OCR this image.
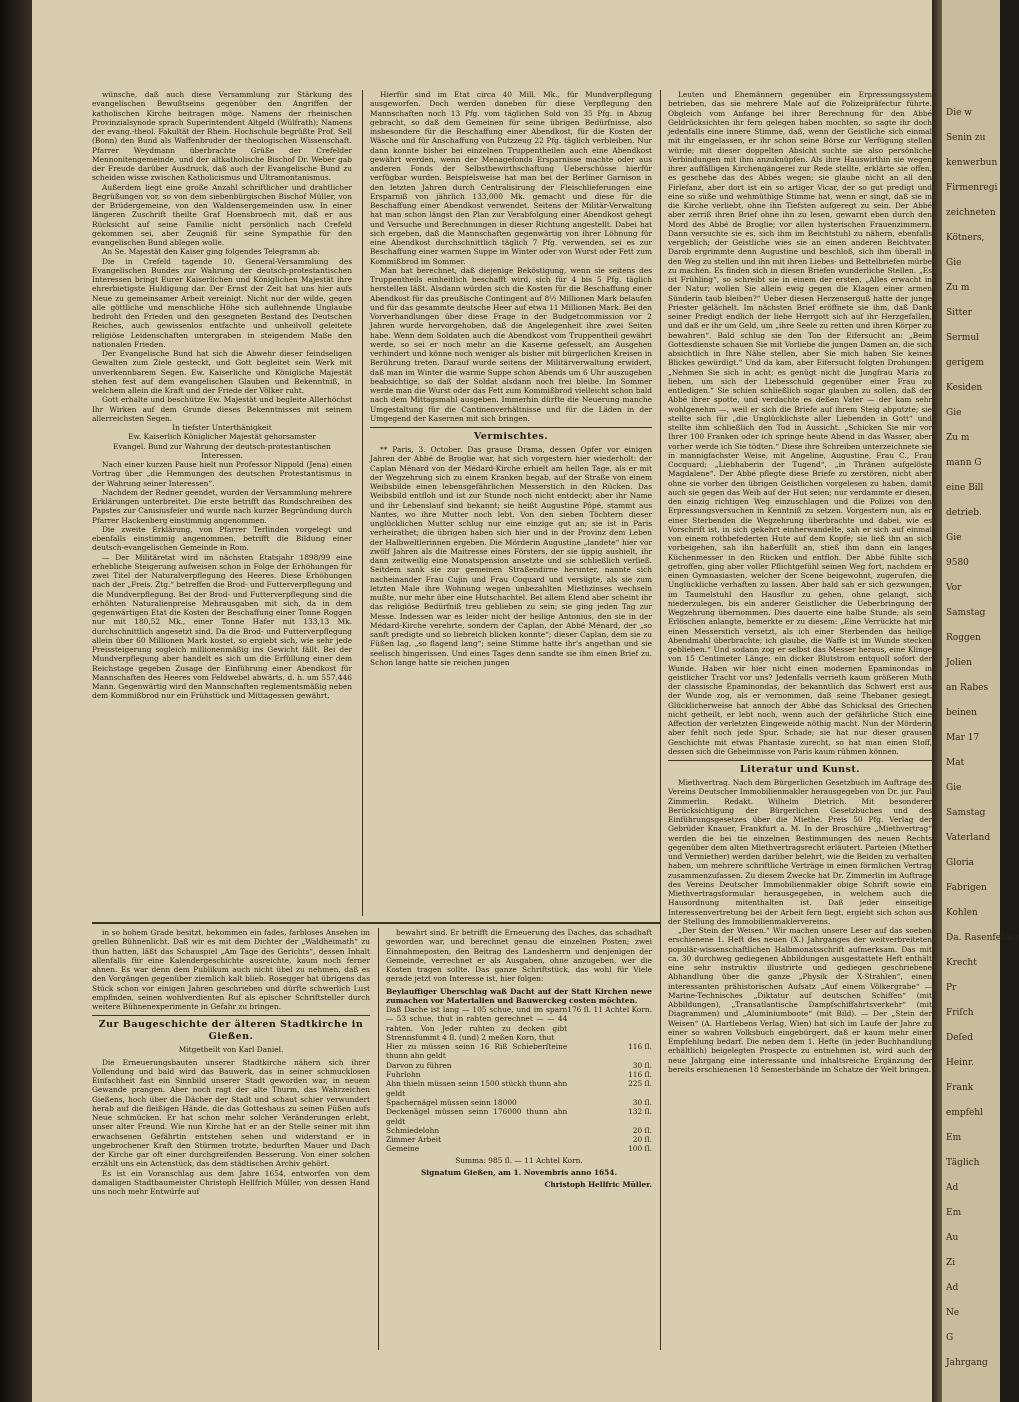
wünsche, daß auch diese Versammlung zur Stärkung des evangelischen Bewußtseins gegenüber den Angriffen der katholischen Kirche beitragen möge. Namens der rheinischen Provinzialsynode sprach Superintendent Altgeld (Wülfrath); Namens der evang.-theol. Fakultät der Rhein. Hochschule begrüßte Prof. Sell (Bonn) den Bund als Waffenbruder der theologischen Wissenschaft. Pfarrer Weydmann überbrachte Grüße der Crefelder Mennonitengemeinde, und der altkatholische Bischof Dr. Weber gab der Freude darüber Ausdruck, daß auch der Evangelische Bund zu scheiden wisse zwischen Katholicismus und Ultramontanismus.

Außerdem liegt eine große Anzahl schriftlicher und drahtlicher Begrüßungen vor, so von dem siebenbürgischen Bischof Müller, von der Brüdergemeine, von den Waldensergemeinden usw. In einer längeren Zuschrift theilte Graf Hoensbroech mit, daß er aus Rücksicht auf seine Familie nicht persönlich nach Crefeld gekommen sei, aber Zeugniß für seine Sympathie für den evangelischen Bund ablegen wolle.

An Se. Majestät den Kaiser ging folgendes Telegramm ab:

Die in Crefeld tagende 10. General-Versammlung des Evangelischen Bundes zur Wahrung der deutsch-protestantischen Interessen bringt Eurer Kaiserlichen und Königlichen Majestät ihre ehrerbietigste Huldigung dar. Der Ernst der Zeit hat uns hier aufs Neue zu gemeinsamer Arbeit vereinigt. Nicht nur der wilde, gegen alle göttliche und menschliche Höhe sich auflehnende Unglaube bedroht den Frieden und den gesegneten Bestand des Deutschen Reiches, auch gewissenlos entfachte und unheilvoll geleitete religiöse Leidenschaften untergraben in steigendem Maße den nationalen Frieden.

Der Evangelische Bund hat sich die Abwehr dieser feindseligen Gewalten zum Ziele gesteckt, und Gott begleitet sein Werk mit unverkennbarem Segen. Ew. Kaiserliche und Königliche Majestät stehen fest auf dem evangelischen Glauben und Bekenntniß, in welchem allein die Kraft und der Friede der Völker ruht.

Gott erhalte und beschütze Ew. Majestät und begleite Allerhöchst Ihr Wirken auf dem Grunde dieses Bekenntnisses mit seinem allerreichsten Segen.

In tiefster Unterthänigkeit

Ew. Kaiserlich Königlicher Majestät gehorsamster

Evangel. Bund zur Wahrung der deutsch-protestantischen Interessen.

Nach einer kurzen Pause hielt nun Professor Nippold (Jena) einen Vortrag über „die Hemmungen des deutschen Protestantismus in der Wahrung seiner Interessen“.

Nachdem der Redner geendet, wurden der Versammlung mehrere Erklärungen unterbreitet. Die erste betrifft das Rundschreiben des Papstes zur Canisiusfeier und wurde nach kurzer Begründung durch Pfarrer Hackenberg einstimmig angenommen.

Die zweite Erklärung, von Pfarrer Terlinden vorgelegt und ebenfalls einstimmig angenommen, betrifft die Bildung einer deutsch-evangelischen Gemeinde in Rom.

— Der Militäretat wird im nächsten Etatsjahr 1898/99 eine erhebliche Steigerung aufweisen schon in Folge der Erhöhungen für zwei Titel der Naturalverpflegung des Heeres. Diese Erhöhungen nach der „Freis. Ztg.“ betreffen die Brod- und Futterverpflegung und die Mundverpflegung. Bei der Brod- und Futterverpflegung sind die erhöhten Naturalienpreise Mehrausgaben mit sich, da in dem gegenwärtigen Etat die Kosten der Beschaffung einer Tonne Roggen nur mit 180,52 Mk., einer Tonne Hafer mit 133,13 Mk. durchschnittlich angesetzt sind. Da die Brod- und Futterverpflegung allein über 60 Millionen Mark kostet, so ergiebt sich, wie sehr jede Preissteigerung sogleich millionenmäßig ins Gewicht fällt. Bei der Mundverpflegung aber handelt es sich um die Erfüllung einer dem Reichstage gegeben Zusage der Einführung einer Abendkost für Mannschaften des Heeres vom Feldwebel abwärts, d. h. um 557,446 Mann. Gegenwärtig wird den Mannschaften reglementsmäßig neben dem Kommißbrod nur ein Frühstück und Mittagessen gewährt.

Hierfür sind im Etat circa 40 Mill. Mk., für Mundverpflegung ausgeworfen. Doch werden daneben für diese Verpflegung den Mannschaften noch 13 Pfg. vom täglichen Sold von 35 Pfg. in Abzug gebracht, so daß dem Gemeinen für seine übrigen Bedürfnisse, also insbesondere für die Beschaffung einer Abendkost, für die Kosten der Wäsche und für Anschaffung von Putzzeug 22 Pfg. täglich verbleiben. Nur dann konnte bisher bei einzelnen Truppentheilen auch eine Abendkost gewährt werden, wenn der Menagefonds Ersparnisse machte oder aus anderen Fonds der Selbstbewirthschaftung Ueberschüsse hierfür verfügbar wurden. Beispielsweise hat man bei der Berliner Garnison in den letzten Jahren durch Centralisirung der Fleischlieferungen eine Ersparniß von jährlich 133,000 Mk. gemacht und diese für die Beschaffung einer Abendkost verwendet. Seitens der Militär-Verwaltung hat man schon längst den Plan zur Verabfolgung einer Abendkost gehegt und Versuche und Berechnungen in dieser Richtung angestellt. Dabei hat sich ergeben, daß die Mannschaften gegenwärtig von ihrer Löhnung für eine Abendkost durchschnittlich täglich 7 Pfg. verwenden, sei es zur Beschaffung einer warmen Suppe im Winter oder von Wurst oder Fett zum Kommißbrod im Sommer.

Man hat berechnet, daß diejenige Beköstigung, wenn sie seitens des Truppentheils einheitlich beschafft wird, sich für 4 bis 5 Pfg. täglich herstellen läßt. Alsdann würden sich die Kosten für die Beschaffung einer Abendkost für das preußische Contingent auf 8½ Millionen Mark belaufen und für das gesammte deutsche Heer auf etwa 11 Millionen Mark. Bei den Vorverhandlungen über diese Frage in der Budgetcommission vor 2 Jahren wurde hervorgehoben, daß die Angelegenheit ihre zwei Seiten habe. Wenn dem Soldaten auch die Abendkost vom Truppentheil gewährt werde, so sei er noch mehr an die Kaserne gefesselt, am Ausgehen verhindert und könne noch weniger als bisher mit bürgerlichen Kreisen in Berührung treten. Darauf wurde seitens der Militärverwaltung erwidert, daß man im Winter die warme Suppe schon Abends um 6 Uhr auszugeben beabsichtige, so daß der Soldat alsdann noch frei bleibe. Im Sommer werde man die Wurst oder das Fett zum Kommißbrod vielleicht schon bald nach dem Mittagsmahl ausgeben. Immerhin dürfte die Neuerung manche Umgestaltung für die Cantinenverhältnisse und für die Läden in der Umgegend der Kasernen mit sich bringen.

Vermischtes.

** Paris, 3. October. Das grause Drama, dessen Opfer vor einigen Jahren der Abbé de Broglie war, hat sich vorgestern hier wiederholt: der Caplan Ménard von der Médard-Kirche erhielt am hellen Tage, als er mit der Wegzehrung sich zu einem Kranken begab, auf der Straße von einem Weibsbilde einen lebensgefährlichen Messerstich in den Rücken. Das Weibsbild entfloh und ist zur Stunde noch nicht entdeckt; aber ihr Name und ihr Lebenslauf sind bekannt; sie heißt Augustine Pôpé, stammt aus Nantes, wo ihre Mutter noch lebt. Von den sieben Töchtern dieser unglücklichen Mutter schlug nur eine einzige gut an; sie ist in Paris verheirathet; die übrigen haben sich hier und in der Provinz dem Leben der Halbweltlerinnen ergeben. Die Mörderin Augustine „landete“ hier vor zwölf Jahren als die Maitresse eines Försters, der sie üppig aushielt, ihr dann zeitweilig eine Monatspension ansetzte und sie schließlich verließ. Seitdem sank sie zur gemeinen Straßendirne herunter, nannte sich nacheinander Frau Cujin und Frau Coquard und versügte, als sie zum letzten Male ihre Wohnung wegen unbezahlten Miethzinses wechseln mußte, nur mehr über eine Hutschachtel. Bei allem Elend aber scheint ihr das religiöse Bedürfniß treu geblieben zu sein; sie ging jeden Tag zur Messe. Indessen war es leider nicht der heilige Antonius, den sie in der Médard-Kirche verehrte, sondern der Caplan, der Abbé Ménard, der „so sanft predigte und so liebreich blicken konnte“; dieser Caplan, dem sie zu Füßen lag, „so flagend lang“; seine Stimme hatte ihr's angethan und sie seelisch hingerissen. Und eines Tages denn sandte sie ihm einen Brief zu. Schon lange hatte sie reichen jungen

Leuten und Ehemännern gegenüber ein Erpressungssystem betrieben, das sie mehrere Male auf die Polizeipräfectur führte. Obgleich vom Anfange bei ihrer Berechnung für den Abbé Geldrücksichten ihr fern gelegen haben mochten, so sagte ihr doch jedenfalls eine innere Stimme, daß, wenn der Geistliche sich einmal mit ihr eingelassen, er ihr schon seine Börse zur Verfügung stellen würde; mit dieser doppelten Absicht suchte sie also persönliche Verbindungen mit ihm anzuknüpfen. Als ihre Hauswirthin sie wegen ihrer auffälligen Kirchengängerei zur Rede stellte, erklärte sie offen, es geschehe das des Abbés wegen; sie glaube nicht an all den Firlefanz, aber dort ist ein so artiger Vicar, der so gut predigt und eine so süße und wehmüthige Stimme hat, wenn er singt, daß sie in die Kirche verliebt, ohne ihn Tiefsten aufgeregt zu sein. Der Abbé aber zerriß ihren Brief ohne ihn zu lesen, gewarnt eben durch den Mord des Abbé de Broglie; vor allen hysterischen Frauenzimmern. Dann versuchte sie es, sich ihm im Beichtstuhl zu nähern, ebenfalls vergeblich; der Geistliche wies sie an einen anderen Beichtvater. Darob ergrimmte denn Augustine und beschloß, sich ihm überall in den Weg zu stellen und ihn mit ihren Liebes- und Bettelbriefen mürbe zu machen. Es finden sich in diesen Briefen wunderliche Stellen. „Es ist Frühling“, so schreibt sie in einem der ersten, „Alles erwacht in der Natur; wollen Sie allein ewig gegen die Klagen einer armen Sünderin taub bleiben?“ Ueber diesen Herzenserguß hatte der junge Priester gelächelt. Im nächsten Brief eröffnete sie ihm, daß Dank seiner Predigt endlich der liebe Herrgott sich auf ihr Herzgefallen, und daß er ihr um Geld, um „ihre Seele zu retten und ihren Körper zu bewahren“. Bald schlug sie den Ton der Eifersucht an: „Beim Gottesdienste schauen Sie mit Vorliebe die jungen Damen an, die sich absichtlich in Ihre Nähe stellen, aber Sie mich haben Sie keines Blickes gewürdigt.“ Und da kam, aber Eifersucht folgten Drohungen: „Nehmen Sie sich in acht; es genügt nicht die Jungfrau Maria zu lieben, um sich der Liebesschuld gegenüber einer Frau zu entledigen.“ Sie schien schließlich sogar glauben zu sollen, daß der Abbé ihrer spotte, und verdachte es deßen Vater — der kam sehr wohlgenehm —, weil er sich die Briefe auf ihrem Steig abputzte; sie stellte sich für „die Unglücklichste aller Liebenden in Gott“ und stellte ihm schließlich den Tod in Aussicht. „Schicken Sie mir vor Ihrer 100 Franken oder ich springe heute Abend in das Wasser, aber vorher werde ich Sie tödten.“ Diese ihre Schreiben unterzeichnete sie in mannigfachster Weise, mit Angeline, Augustine, Frau C., Frau Cocquard; „Liebhaberin der Tugend“, „in Thränen aufgelöste Magdalene“. Der Abbé pflegte diese Briefe zu zerstören, nicht aber ohne sie vorher den übrigen Geistlichen vorgelesen zu haben, damit auch sie gegen das Weib auf der Hut seien; nur verdammte er diesen, den einzig richtigen Weg einzuschlagen und die Polizei von den Erpressungsversuchen in Kenntniß zu setzen. Vorgestern nun, als er einer Sterbenden die Wegzehrung überbrachte und dabei, wie es Vorschrift ist, in sich gekehrt einherwandelte, sah er sich auf einmal von einem rothbefederten Hute auf dem Kopfe; sie ließ ihn an sich vorbeigehen, sah ihn haßerfüllt an, stieß ihm dann ein langes Küchenmesser in den Rücken und entfloh. Der Abbé fühlte sich getroffen, ging aber voller Pflichtgefühl seinen Weg fort, nachdem er einen Gymnasiasten, welcher der Scene beigewohnt, zugerufen, die Unglückliche verhaften zu lassen. Aber bald sah er sich gezwungen, im Taumelstuhl den Hausflur zu gehen, ohne gelangt, sich niederzulegen, bis ein anderer Geistlicher die Ueberbringung der Wegzehrung übernommen. Dies dauerte eine halbe Stunde; als sein Erlöschen anlangte, bemerkte er zu diesem: „Eine Verrückte hat mir einen Messerstich versetzt, als ich einer Sterbenden das heilige Abendmahl überbrachte; ich glaube, die Waffe ist im Wunde stecken geblieben.“ Und sodann zog er selbst das Messer heraus, eine Klinge von 15 Centimeter Länge; ein dicker Blutstrom entquoll sofort der Wunde. Haben wir hier nicht einen modernen Epaminondas in geistlicher Tracht vor uns? Jedenfalls verrieth kaum größeren Muth der classische Epaminondas, der bekanntlich das Schwert erst aus der Wunde zog, als er vernommen, daß seine Thebaner gesiegt. Glücklicherweise hat annoch der Abbé das Schicksal des Griechen nicht getheilt, er lebt noch, wenn auch der gefährliche Stich eine Affection der verletzten Eingeweide nöthig macht. Nun der Mörderin aber fehlt noch jede Spur. Schade; sie hat nur dieser grausen Geschichte mit etwas Phantasie zurecht, so hat man einen Stoff, dessen sich die Geheimnisse von Paris kaum rühmen können.

Literatur und Kunst.

Miethvertrag. Nach dem Bürgerlichen Gesetzbuch im Auftrage des Vereins Deutscher Immobilienmakler herausgegeben von Dr. jur. Paul Zimmerlin. Redakt. Wilhelm Dietrich. Mit besonderer Berücksichtigung der Bürgerlichen Gesetzbuches und des Einführungsgesetzes über die Miethe. Preis 50 Pfg. Verlag der Gebrüder Knauer, Frankfurt a. M. In der Broschüre „Miethvertrag“ werden die bei tie einzelnen Bestimmungen des neuen Rechts gegenüber dem alten Miethvertragsrecht erläutert. Parteien (Miether und Vermiether) werden darüber belehrt, wie die Beiden zu verhalten haben, um mehrere schriftliche Verträge in einen förmlichen Vertrag zusammenzufassen. Zu diesem Zwecke hat Dr. Zimmerlin im Auftrage des Vereins Deutscher Immobilienmakler obige Schrift sowie ein Miethvertragsformular herausgegeben, in welchem auch die Hausordnung mitenthalten ist. Daß jeder einseitige Interessenvertretung bei der Arbeit fern liegt, ergiebt sich schon aus der Stellung des Immobilienmaklervereins.

„Der Stein der Weisen.“ Wir machen unsere Leser auf das soeben erschienene 1. Heft des neuen (X.) Jahrganges der weitverbreiteten populär-wissenschaftlichen Halbmonatsschrift aufmerksam. Das mit ca. 30 durchweg gediegenen Abbildungen ausgestattete Heft enthält eine sehr instruktiv illustrirte und gediegen geschriebene Abhandlung über die ganze „Physik der X-Strahlen“, einen interessanten prähistorischen Aufsatz „Auf einem Völkergrabe“ — Marine-Technisches „Diktatur auf deutschen Schiffen“ (mit Abbildungen), „Transatlantische Dampfschiffahrtsverkehr“ (mit Diagrammen) und „Aluminiumboote“ (mit Bild). — Der „Stein der Weisen“ (A. Hartlebens Verlag, Wien) hat sich im Laufe der Jahre zu einer so wahren Volksbuch eingebürgert, daß er kaum mehr einer Empfehlung bedarf. Die neben dem 1. Hefte (in jeder Buchhandlung erhältlich) beigelegten Prospecte zu entnehmen ist, wird auch der neue Jahrgang eine interessante und inhaltsreiche Ergänzung der bereits erschienenen 18 Semesterbände im Schatze der Welt bringen.

in so hohem Grade besitzt, bekommen ein fades, farbloses Ansehen im grellen Bühnenlicht. Daß wir es mit dem Dichter der „Waldheimath“ zu thun hatten, läßt das Schauspiel „Am Tage des Gerichts“, dessen Inhalt allenfalls für eine Kalendergeschichte ausreichte, kaum noch ferner ahnen. Es war denn dem Publikum auch nicht übel zu nehmen, daß es den Vorgängen gegenüber ziemlich kalt blieb. Rosegger hat übrigens das Stück schon vor einigen Jahren geschrieben und dürfte schwerlich Lust empfinden, seinen wohlverdienten Ruf als epischer Schriftsteller durch weitere Bühnenexperimente in Gefahr zu bringen.

Zur Baugeschichte der älteren Stadtkirche in Gießen.
Mitgetheilt von Karl Daniel.

Die Erneuerungsbauten unserer Stadtkirche nähern sich ihrer Vollendung und bald wird das Bauwerk, das in seiner schmucklosen Einfachheit fast ein Sinnbild unserer Stadt geworden war, in neuem Gewande prangen. Aber noch ragt der alte Thurm, das Wahrzeichen Gießens, hoch über die Dächer der Stadt und schaut schier verwundert herab auf die fleißigen Hände, die das Gotteshaus zu seinen Füßen aufs Neue schmücken. Er hat schon mehr solcher Veränderungen erlebt, unser alter Freund. Wie nun Kirche hat er an der Stelle seiner mit ihm erwachsenen Gefährtin entstehen sehen und widerstand er in ungebrochener Kraft den Stürmen trotzte, bedurften Mauer und Dach der Kirche gar oft einer durchgreifenden Besserung. Von einer solchen erzählt uns ein Actenstück, das dem städtischen Archiv gehört.

Es ist ein Voranschlag aus dem Jahre 1654, entworfen von dem damaligen Stadtbaumeister Christoph Hellfrich Müller, von dessen Hand uns noch mehr Entwürfe auf

bewahrt sind. Er betrifft die Erneuerung des Daches, das schadhaft geworden war, und berechnet genau die einzelnen Posten; zwei Einnahmeposten, den Beitrag des Landesherrn und denjenigen der Gemeinde, verrechnet er als Ausgaben, ohne anzugeben, wer die Kosten tragen sollte. Das ganze Schriftstück, das wohl für Viele gerade jetzt von Interesse ist, hier folgen:

Beylauffiger Uberschlag waß Dacht auf der Statt Kirchen newe zumachen vor Materialien und Bauwerckeg costen möchten.

Daß Dache ist lang — 105 schue, und im sparn — 53 schue, thut in rahten gerechnet — — 44 rahten. Von Jeder ruhten zu decken gibt Strennsfummt 4 ſl. (und) 2 meßen Korn, thut	176 ſl. 11 Achtel Korn.
Hier zu müssen seinn 16 Riß Schieberſteine thunn ahn geldt	116 ſl.
Darvon zu führen	30 ſl.
Fuhrlohn	116 ſl.
Ahn thieln müssen seinn 1500 stückh thunn ahn geldt	225 ſl.
Spachernägel müssen seinn 18000	30 ſl.
Deckenägel müssen seinn 176000 thunn ahn geldt	132 ſl.
Schmiedelohn	20 ſl.
Zimmer Arbeit	20 ſl.
Gemeine	100 ſl.

Summa: 985 ſl. — 11 Achtel Korn.

Signatum Gießen, am 1. Novembris anno 1654.
Christoph Hellfric Müller.
Die w
Senin zu
kenwerbun
Firmenregi
zeichneten
Kötners,
Gie
Zu m
Sitter
Sermul
gerigem
Kesiden
Gie
Zu m
mann G
eine Bill
detrieb.
Gie
9580
Vor
Samstag
Roggen
Jolien
an Rabes
beinen
Mar 17
Mat
Gie
Samstag
Vaterland
Gloria
Fabrigen
Kohlen
Da. Rasenfelder
Krecht
Pr
Friſch
Deſed
Heinr.
Frank
empfehl
Em
Täglich
Ad
Em
Au
Zi
Ad
Ne
G
Jahrgang
